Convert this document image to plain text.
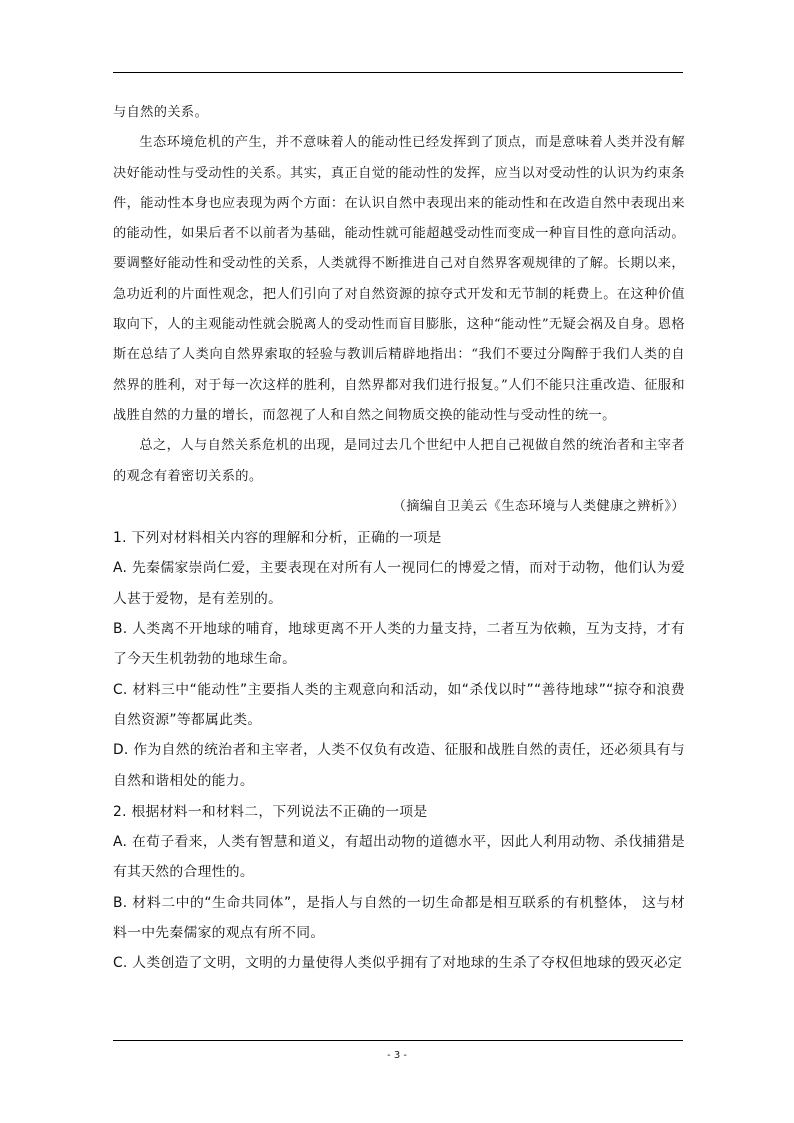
与自然的关系。

生态环境危机的产生，并不意味着人的能动性已经发挥到了顶点，而是意味着人类并没有解决好能动性与受动性的关系。其实，真正自觉的能动性的发挥，应当以对受动性的认识为约束条件，能动性本身也应表现为两个方面：在认识自然中表现出来的能动性和在改造自然中表现出来的能动性，如果后者不以前者为基础，能动性就可能超越受动性而变成一种盲目性的意向活动。要调整好能动性和受动性的关系，人类就得不断推进自己对自然界客观规律的了解。长期以来，急功近利的片面性观念，把人们引向了对自然资源的掠夺式开发和无节制的耗费上。在这种价值取向下，人的主观能动性就会脱离人的受动性而盲目膨胀，这种“能动性”无疑会祸及自身。恩格斯在总结了人类向自然界索取的轻验与教训后精辟地指出：“我们不要过分陶醉于我们人类的自然界的胜利，对于每一次这样的胜利，自然界都对我们进行报复。”人们不能只注重改造、征服和战胜自然的力量的增长，而忽视了人和自然之间物质交换的能动性与受动性的统一。

总之，人与自然关系危机的出现，是同过去几个世纪中人把自己视做自然的统治者和主宰者的观念有着密切关系的。

（摘编自卫美云《生态环境与人类健康之辨析》）

1. 下列对材料相关内容的理解和分析，正确的一项是

A. 先秦儒家崇尚仁爱，主要表现在对所有人一视同仁的博爱之情，而对于动物，他们认为爱人甚于爱物，是有差别的。

B. 人类离不开地球的哺育，地球更离不开人类的力量支持，二者互为依赖，互为支持，才有了今天生机勃勃的地球生命。

C. 材料三中“能动性”主要指人类的主观意向和活动，如“杀伐以时”“善待地球”“掠夺和浪费自然资源”等都属此类。

D. 作为自然的统治者和主宰者，人类不仅负有改造、征服和战胜自然的责任，还必须具有与自然和谐相处的能力。

2. 根据材料一和材料二，下列说法不正确的一项是

A. 在荀子看来，人类有智慧和道义，有超出动物的道德水平，因此人利用动物、杀伐捕猎是有其天然的合理性的。

B. 材料二中的“生命共同体”，是指人与自然的一切生命都是相互联系的有机整体， 这与材料一中先秦儒家的观点有所不同。

C. 人类创造了文明，文明的力量使得人类似乎拥有了对地球的生杀了夺权但地球的毁灭必定

- 3 -
